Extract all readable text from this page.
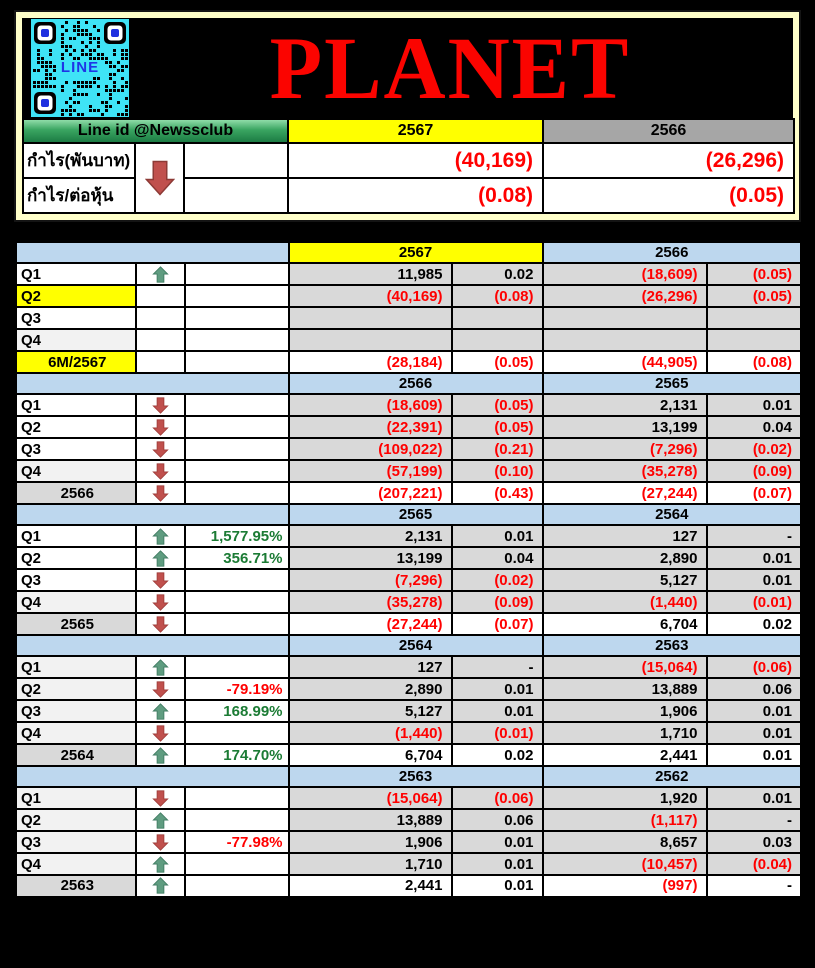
LINE	PLANET
Line id @Newssclub			2567	2566
กำไร(พันบาท)			(40,169)	(26,296)
กำไร/ต่อหุ้น			(0.08)	(0.05)
			2567		2566	
Q1			11,985	0.02	(18,609)	(0.05)
Q2			(40,169)	(0.08)	(26,296)	(0.05)
Q3						
Q4						
6M/2567			(28,184)	(0.05)	(44,905)	(0.08)
			2566		2565	
Q1			(18,609)	(0.05)	2,131	0.01
Q2			(22,391)	(0.05)	13,199	0.04
Q3			(109,022)	(0.21)	(7,296)	(0.02)
Q4			(57,199)	(0.10)	(35,278)	(0.09)
2566			(207,221)	(0.43)	(27,244)	(0.07)
			2565		2564	
Q1		1,577.95%	2,131	0.01	127	-
Q2		356.71%	13,199	0.04	2,890	0.01
Q3			(7,296)	(0.02)	5,127	0.01
Q4			(35,278)	(0.09)	(1,440)	(0.01)
2565			(27,244)	(0.07)	6,704	0.02
			2564		2563	
Q1			127	-	(15,064)	(0.06)
Q2		-79.19%	2,890	0.01	13,889	0.06
Q3		168.99%	5,127	0.01	1,906	0.01
Q4			(1,440)	(0.01)	1,710	0.01
2564		174.70%	6,704	0.02	2,441	0.01
			2563		2562	
Q1			(15,064)	(0.06)	1,920	0.01
Q2			13,889	0.06	(1,117)	-
Q3		-77.98%	1,906	0.01	8,657	0.03
Q4			1,710	0.01	(10,457)	(0.04)
2563			2,441	0.01	(997)	-
